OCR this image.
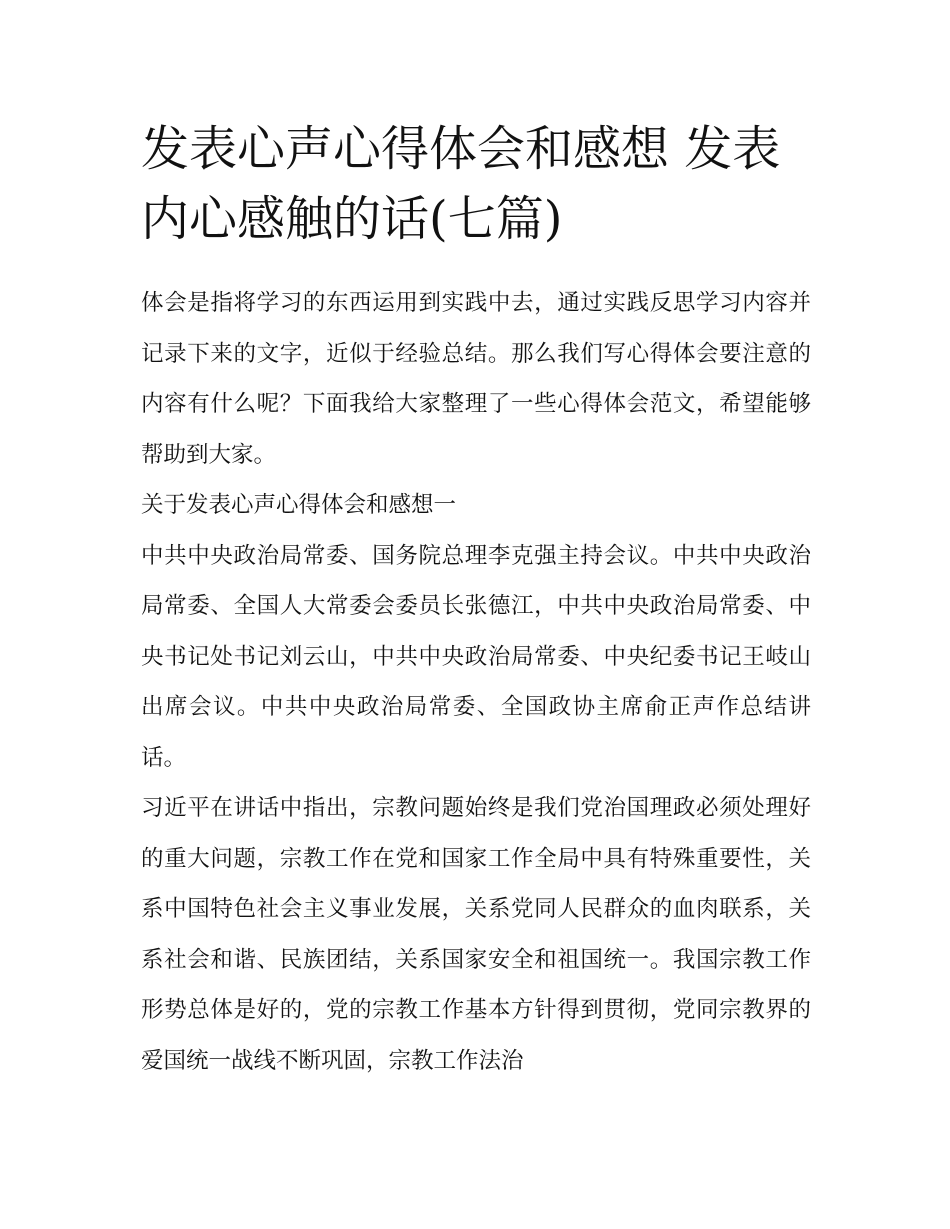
发表心声心得体会和感想 发表内心感触的话(七篇)

体会是指将学习的东西运用到实践中去，通过实践反思学习内容并记录下来的文字，近似于经验总结。那么我们写心得体会要注意的内容有什么呢？下面我给大家整理了一些心得体会范文，希望能够帮助到大家。

关于发表心声心得体会和感想一

中共中央政治局常委、国务院总理李克强主持会议。中共中央政治局常委、全国人大常委会委员长张德江，中共中央政治局常委、中央书记处书记刘云山，中共中央政治局常委、中央纪委书记王岐山出席会议。中共中央政治局常委、全国政协主席俞正声作总结讲话。

习近平在讲话中指出，宗教问题始终是我们党治国理政必须处理好的重大问题，宗教工作在党和国家工作全局中具有特殊重要性，关系中国特色社会主义事业发展，关系党同人民群众的血肉联系，关系社会和谐、民族团结，关系国家安全和祖国统一。我国宗教工作形势总体是好的，党的宗教工作基本方针得到贯彻，党同宗教界的爱国统一战线不断巩固，宗教工作法治
